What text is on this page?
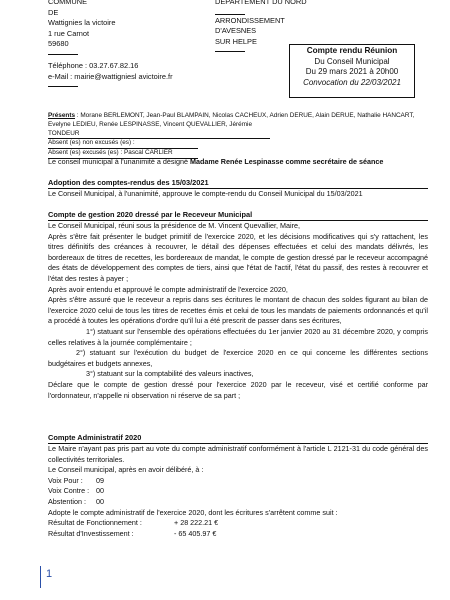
COMMUNE
DE
Wattignies la victoire
1 rue Carnot
59680
Téléphone : 03.27.67.82.16
e-Mail : mairie@wattigniesl avictoire.fr
DEPARTEMENT DU NORD
ARRONDISSEMENT
D'AVESNES
SUR HELPE
Compte rendu Réunion
Du Conseil Municipal
Du 29 mars 2021 à 20h00
Convocation du 22/03/2021
Présents : Morane BERLEMONT, Jean-Paul BLAMPAIN, Nicolas CACHEUX, Adrien DERUE, Alain DERUE, Nathalie HANCART,
Evelyne LEDIEU, Renée LESPINASSE, Vincent QUEVALLIER, Jérémie TONDEUR
Absent (es) non excusés (es) :
Absent (es) excusés (es) : Pascal CARLIER
Le conseil municipal à l'unanimité a désigné Madame Renée Lespinasse comme secrétaire de séance
Adoption des comptes-rendus des 15/03/2021

Le Conseil Municipal, à l'unanimité, approuve le compte-rendu du Conseil Municipal du 15/03/2021

Compte de gestion 2020 dressé par le Receveur Municipal

Le Conseil Municipal, réuni sous la présidence de M. Vincent Quevallier, Maire,

Après s'être fait présenter le budget primitif de l'exercice 2020, et les décisions modificatives qui s'y rattachent, les titres définitifs des créances à recouvrer, le détail des dépenses effectuées et celui des mandats délivrés, les bordereaux de titres de recettes, les bordereaux de mandat, le compte de gestion dressé par le receveur accompagné des états de développement des comptes de tiers, ainsi que l'état de l'actif, l'état du passif, des restes à recouvrer et l'état des restes à payer ;

Après avoir entendu et approuvé le compte administratif de l'exercice 2020,

Après s'être assuré que le receveur a repris dans ses écritures le montant de chacun des soldes figurant au bilan de l'exercice 2020 celui de tous les titres de recettes émis et celui de tous les mandats de paiements ordonnancés et qu'il a procédé à toutes les opérations d'ordre qu'il lui a été prescrit de passer dans ses écritures,

1°) statuant sur l'ensemble des opérations effectuées du 1er janvier 2020 au 31 décembre 2020, y compris celles relatives à la journée complémentaire ;

2°) statuant sur l'exécution du budget de l'exercice 2020 en ce qui concerne les différentes sections budgétaires et budgets annexes,

3°) statuant sur la comptabilité des valeurs inactives,

Déclare que le compte de gestion dressé pour l'exercice 2020 par le receveur, visé et certifié conforme par l'ordonnateur, n'appelle ni observation ni réserve de sa part ;

Compte Administratif 2020

Le Maire n'ayant pas pris part au vote du compte administratif conformément à l'article L 2121-31 du code général des collectivités territoriales.

Le Conseil municipal, après en avoir délibéré, à :

Voix Pour : 09
Voix Contre : 00
Abstention : 00

Adopte le compte administratif de l'exercice 2020, dont les écritures s'arrêtent comme suit :

Résultat de Fonctionnement :	+ 28 222.21 €
Résultat d'Investissement :	- 65 405.97 €
1
